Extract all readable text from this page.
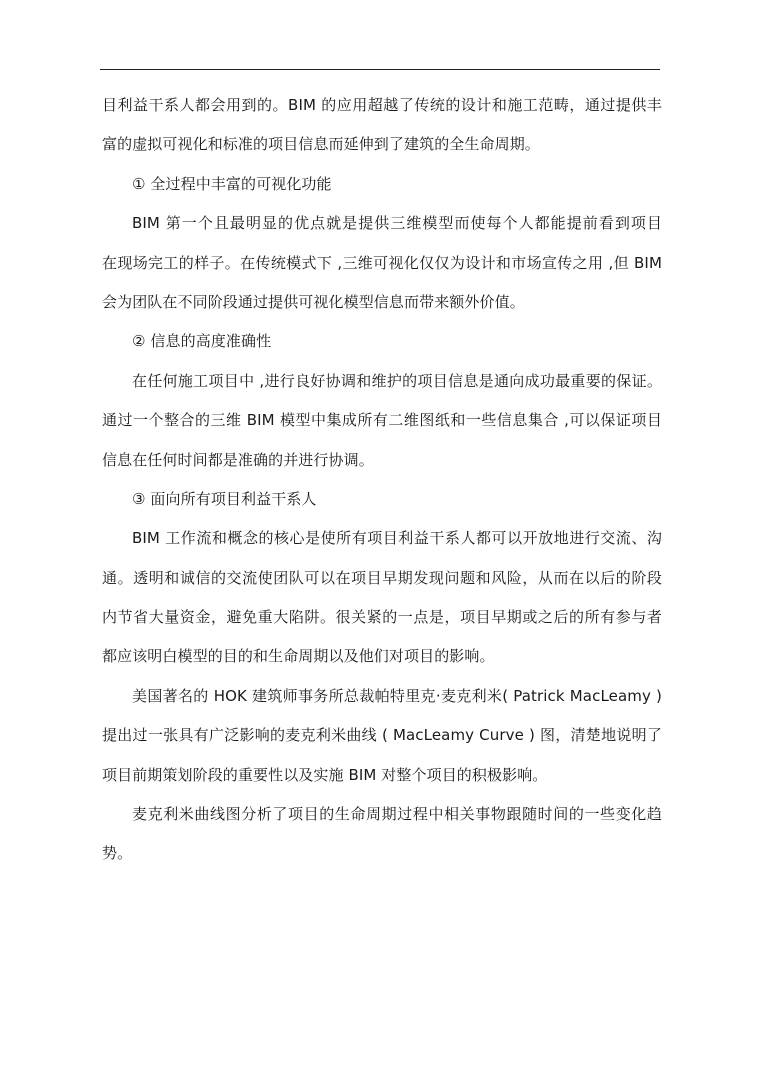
目利益干系人都会用到的。BIM 的应用超越了传统的设计和施工范畴，通过提供丰
富的虚拟可视化和标准的项目信息而延伸到了建筑的全生命周期。
① 全过程中丰富的可视化功能
BIM 第一个且最明显的优点就是提供三维模型而使每个人都能提前看到项目
在现场完工的样子。在传统模式下 ,三维可视化仅仅为设计和市场宣传之用 ,但 BIM
会为团队在不同阶段通过提供可视化模型信息而带来额外价值。
② 信息的高度准确性
在任何施工项目中 ,进行良好协调和维护的项目信息是通向成功最重要的保证。
通过一个整合的三维 BIM 模型中集成所有二维图纸和一些信息集合 ,可以保证项目
信息在任何时间都是准确的并进行协调。
③ 面向所有项目利益干系人
BIM 工作流和概念的核心是使所有项目利益干系人都可以开放地进行交流、沟
通。透明和诚信的交流使团队可以在项目早期发现问题和风险，从而在以后的阶段
内节省大量资金，避免重大陷阱。很关紧的一点是，项目早期或之后的所有参与者
都应该明白模型的目的和生命周期以及他们对项目的影响。
美国著名的 HOK 建筑师事务所总裁帕特里克·麦克利米( Patrick MacLeamy )
提出过一张具有广泛影响的麦克利米曲线 ( MacLeamy Curve ) 图，清楚地说明了
项目前期策划阶段的重要性以及实施 BIM 对整个项目的积极影响。
麦克利米曲线图分析了项目的生命周期过程中相关事物跟随时间的一些变化趋
势。
